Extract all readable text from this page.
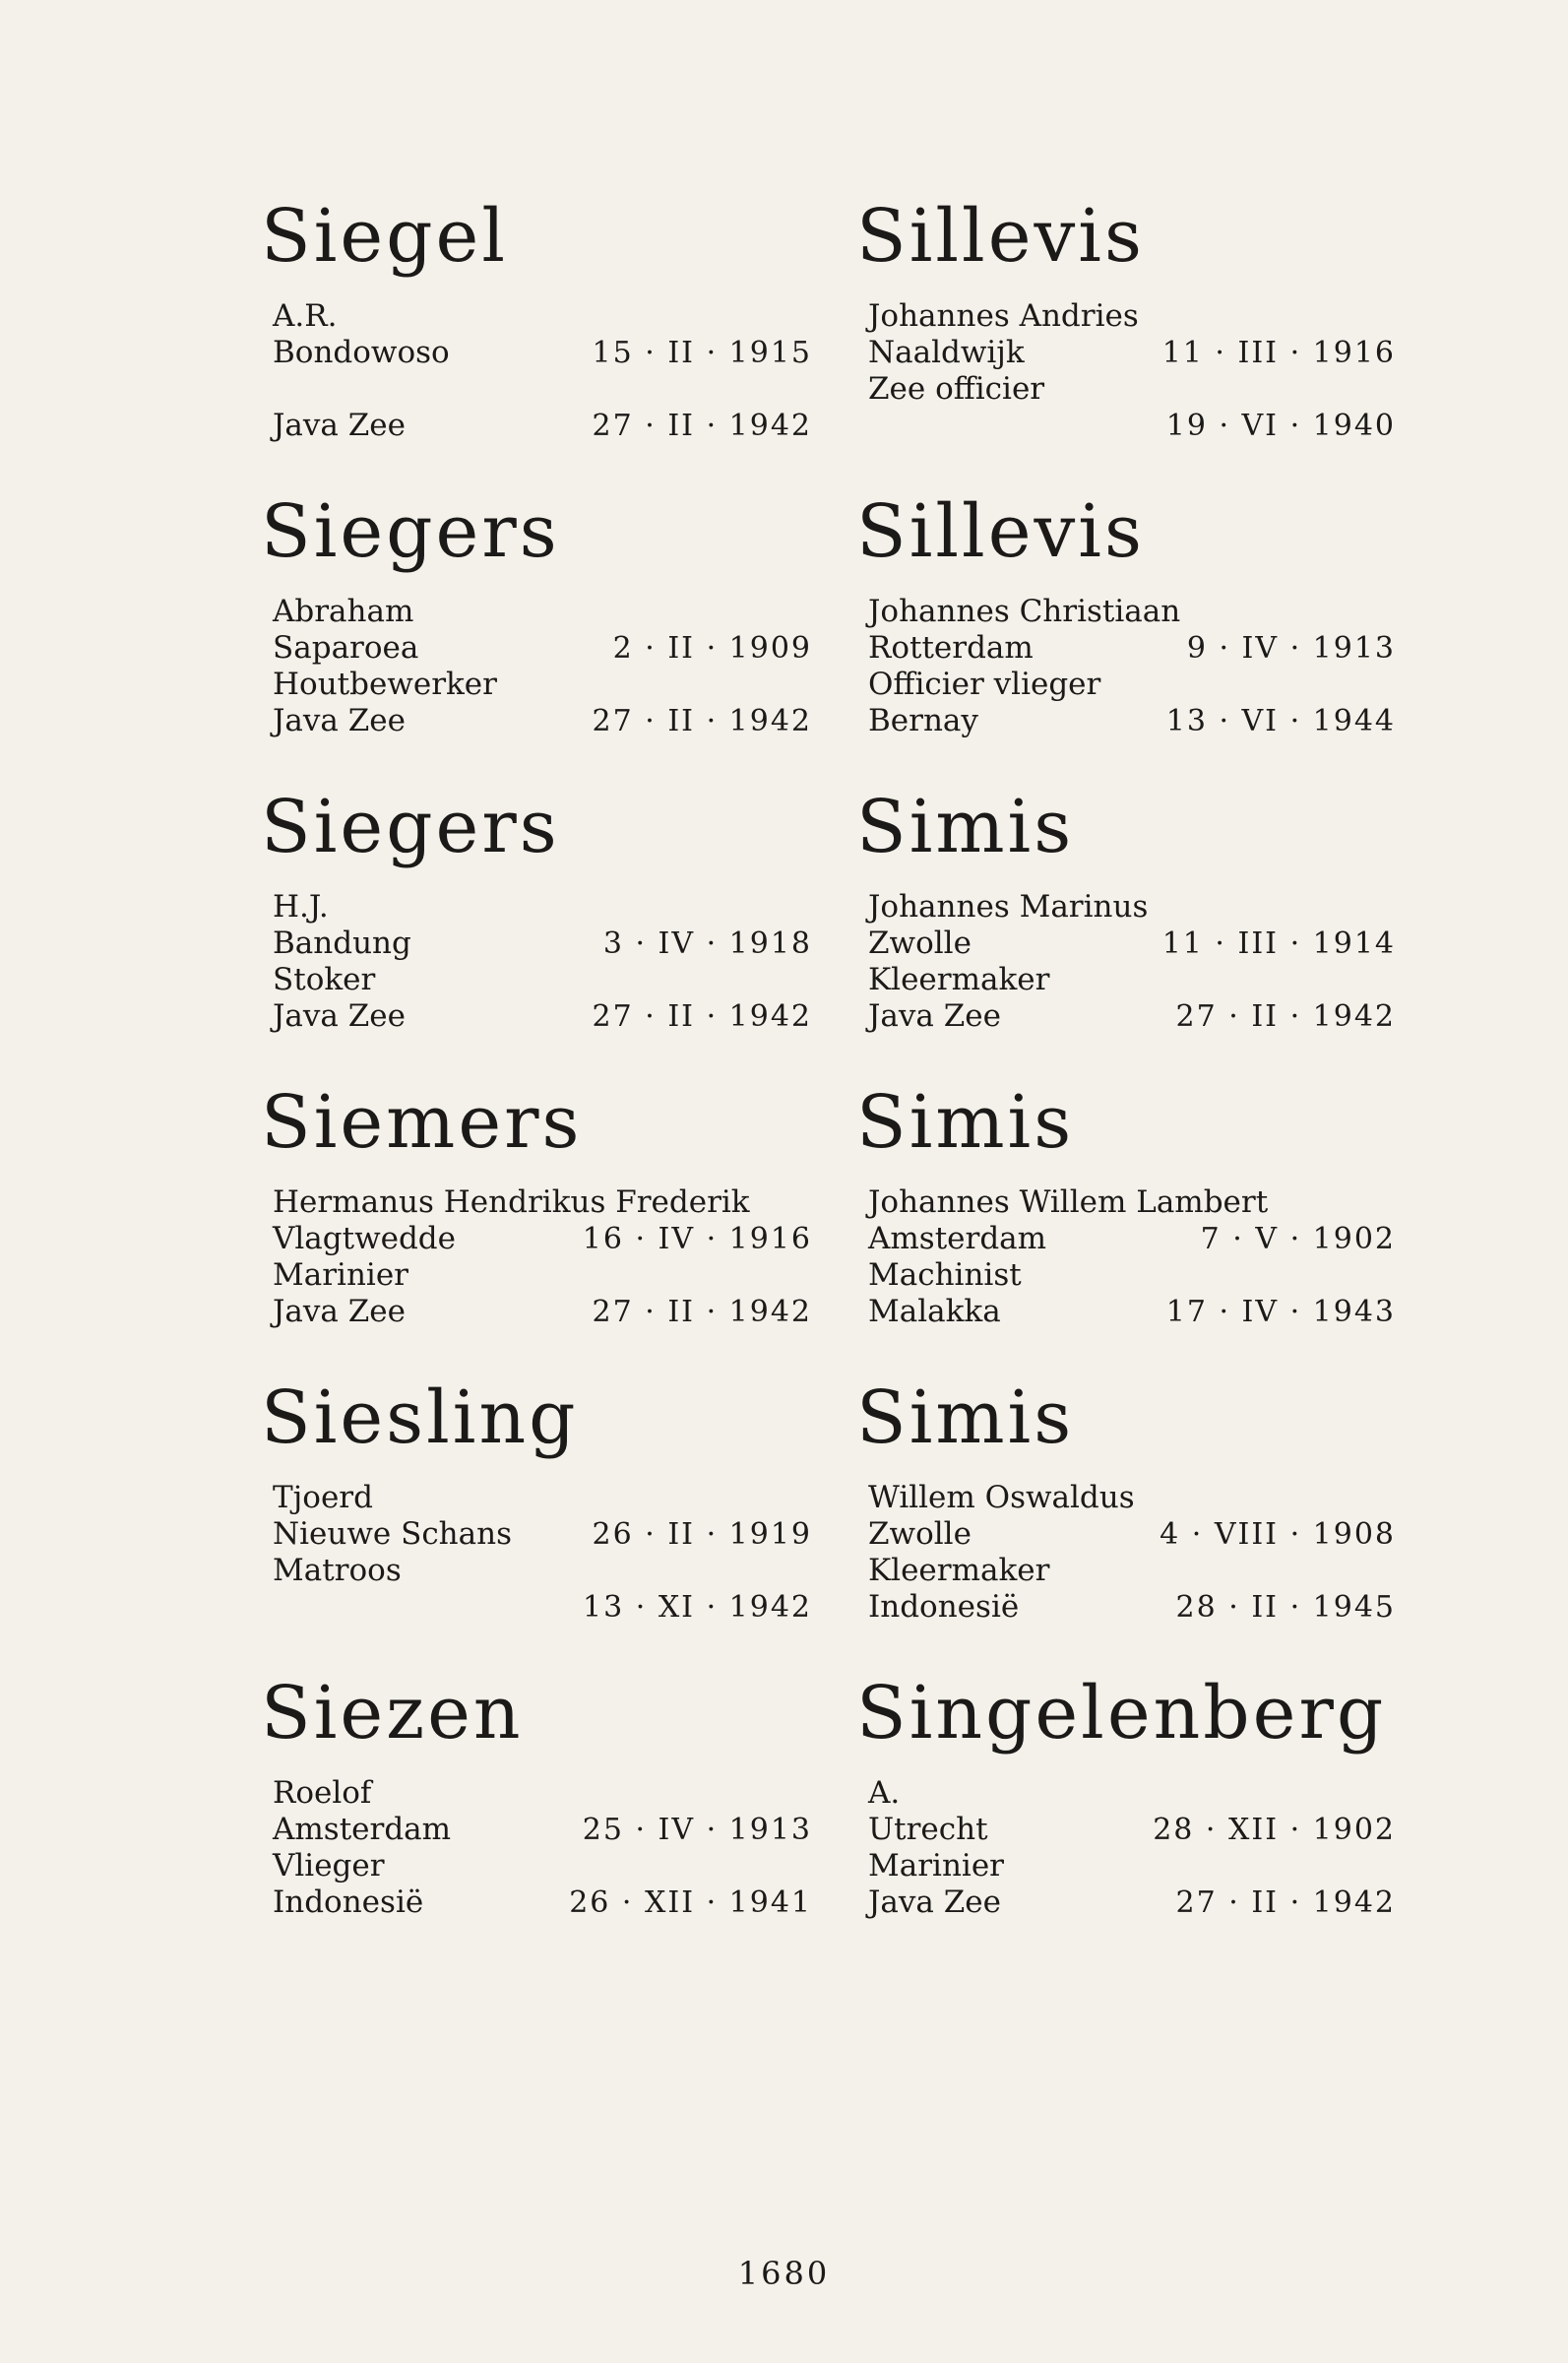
Siegel
A.R.
Bondowoso	15 · II · 1915
Java Zee	27 · II · 1942
Siegers
Abraham
Saparoea	2 · II · 1909
Houtbewerker
Java Zee	27 · II · 1942
Siegers
H.J.
Bandung	3 · IV · 1918
Stoker
Java Zee	27 · II · 1942
Siemers
Hermanus Hendrikus Frederik
Vlagtwedde	16 · IV · 1916
Marinier
Java Zee	27 · II · 1942
Siesling
Tjoerd
Nieuwe Schans	26 · II · 1919
Matroos
13 · XI · 1942
Siezen
Roelof
Amsterdam	25 · IV · 1913
Vlieger
Indonesië	26 · XII · 1941
Sillevis
Johannes Andries
Naaldwijk	11 · III · 1916
Zee officier
19 · VI · 1940
Sillevis
Johannes Christiaan
Rotterdam	9 · IV · 1913
Officier vlieger
Bernay	13 · VI · 1944
Simis
Johannes Marinus
Zwolle	11 · III · 1914
Kleermaker
Java Zee	27 · II · 1942
Simis
Johannes Willem Lambert
Amsterdam	7 · V · 1902
Machinist
Malakka	17 · IV · 1943
Simis
Willem Oswaldus
Zwolle	4 · VIII · 1908
Kleermaker
Indonesië	28 · II · 1945
Singelenberg
A.
Utrecht	28 · XII · 1902
Marinier
Java Zee	27 · II · 1942
1680
